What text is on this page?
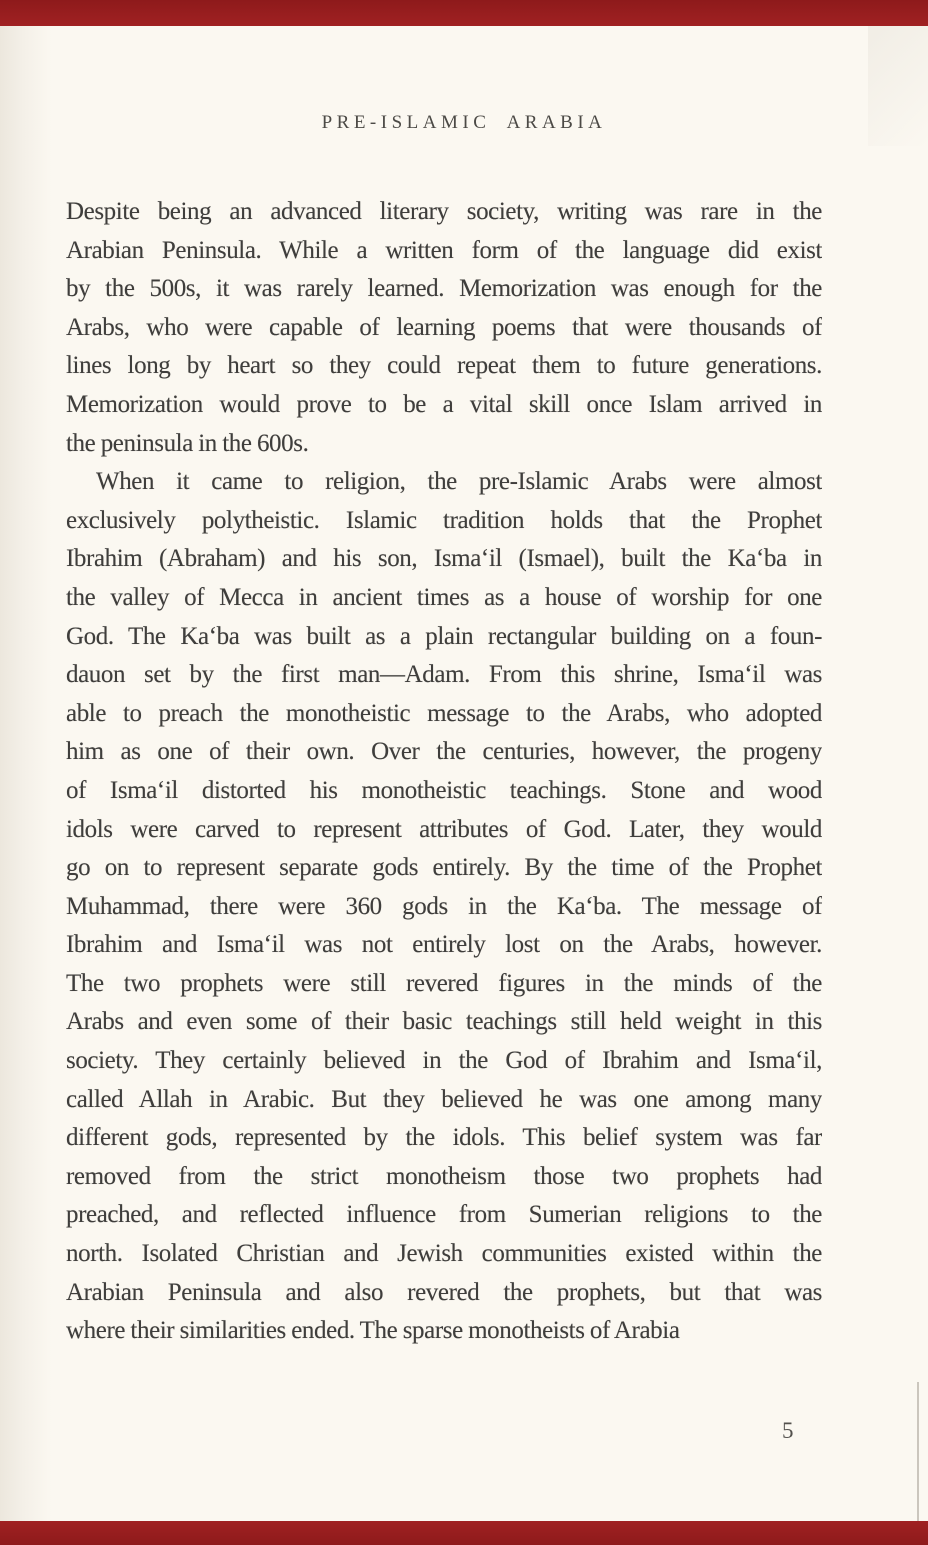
PRE-ISLAMIC ARABIA
Despite being an advanced literary society, writing was rare in the
Arabian Peninsula. While a written form of the language did exist
by the 500s, it was rarely learned. Memorization was enough for the
Arabs, who were capable of learning poems that were thousands of
lines long by heart so they could repeat them to future generations.
Memorization would prove to be a vital skill once Islam arrived in
the peninsula in the 600s.
When it came to religion, the pre-Islamic Arabs were almost
exclusively polytheistic. Islamic tradition holds that the Prophet
Ibrahim (Abraham) and his son, Isma‘il (Ismael), built the Ka‘ba in
the valley of Mecca in ancient times as a house of worship for one
God. The Ka‘ba was built as a plain rectangular building on a foun-
dauon set by the first man—Adam. From this shrine, Isma‘il was
able to preach the monotheistic message to the Arabs, who adopted
him as one of their own. Over the centuries, however, the progeny
of Isma‘il distorted his monotheistic teachings. Stone and wood
idols were carved to represent attributes of God. Later, they would
go on to represent separate gods entirely. By the time of the Prophet
Muhammad, there were 360 gods in the Ka‘ba. The message of
Ibrahim and Isma‘il was not entirely lost on the Arabs, however.
The two prophets were still revered figures in the minds of the
Arabs and even some of their basic teachings still held weight in this
society. They certainly believed in the God of Ibrahim and Isma‘il,
called Allah in Arabic. But they believed he was one among many
different gods, represented by the idols. This belief system was far
removed from the strict monotheism those two prophets had
preached, and reflected influence from Sumerian religions to the
north. Isolated Christian and Jewish communities existed within the
Arabian Peninsula and also revered the prophets, but that was
where their similarities ended. The sparse monotheists of Arabia
5
